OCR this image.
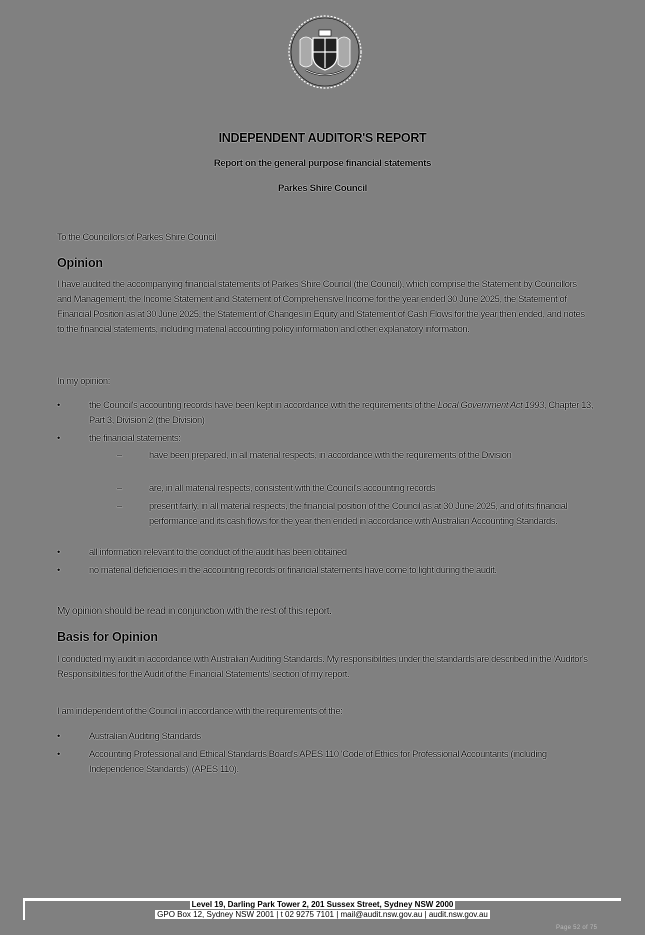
INDEPENDENT AUDITOR'S REPORT
Report on the general purpose financial statements
Parkes Shire Council
To the Councillors of Parkes Shire Council
Opinion
I have audited the accompanying financial statements of Parkes Shire Council (the Council), which comprise the Statement by Councillors and Management, the Income Statement and Statement of Comprehensive Income for the year ended 30 June 2025, the Statement of Financial Position as at 30 June 2025, the Statement of Changes in Equity and Statement of Cash Flows for the year then ended, and notes to the financial statements, including material accounting policy information and other explanatory information.
In my opinion:
•	the Council's accounting records have been kept in accordance with the requirements of the Local Government Act 1993, Chapter 13, Part 3, Division 2 (the Division)
•	the financial statements:
–	have been prepared, in all material respects, in accordance with the requirements of the Division
–	are, in all material respects, consistent with the Council's accounting records
–	present fairly, in all material respects, the financial position of the Council as at 30 June 2025, and of its financial performance and its cash flows for the year then ended in accordance with Australian Accounting Standards.
•	all information relevant to the conduct of the audit has been obtained
•	no material deficiencies in the accounting records or financial statements have come to light during the audit.
My opinion should be read in conjunction with the rest of this report.
Basis for Opinion
I conducted my audit in accordance with Australian Auditing Standards. My responsibilities under the standards are described in the 'Auditor's Responsibilities for the Audit of the Financial Statements' section of my report.
I am independent of the Council in accordance with the requirements of the:
•	Australian Auditing Standards
•	Accounting Professional and Ethical Standards Board's APES 110 'Code of Ethics for Professional Accountants (including Independence Standards)' (APES 110).
Level 19, Darling Park Tower 2, 201 Sussex Street, Sydney NSW 2000
GPO Box 12, Sydney NSW 2001 | t 02 9275 7101 | mail@audit.nsw.gov.au | audit.nsw.gov.au
Page 52 of 75
